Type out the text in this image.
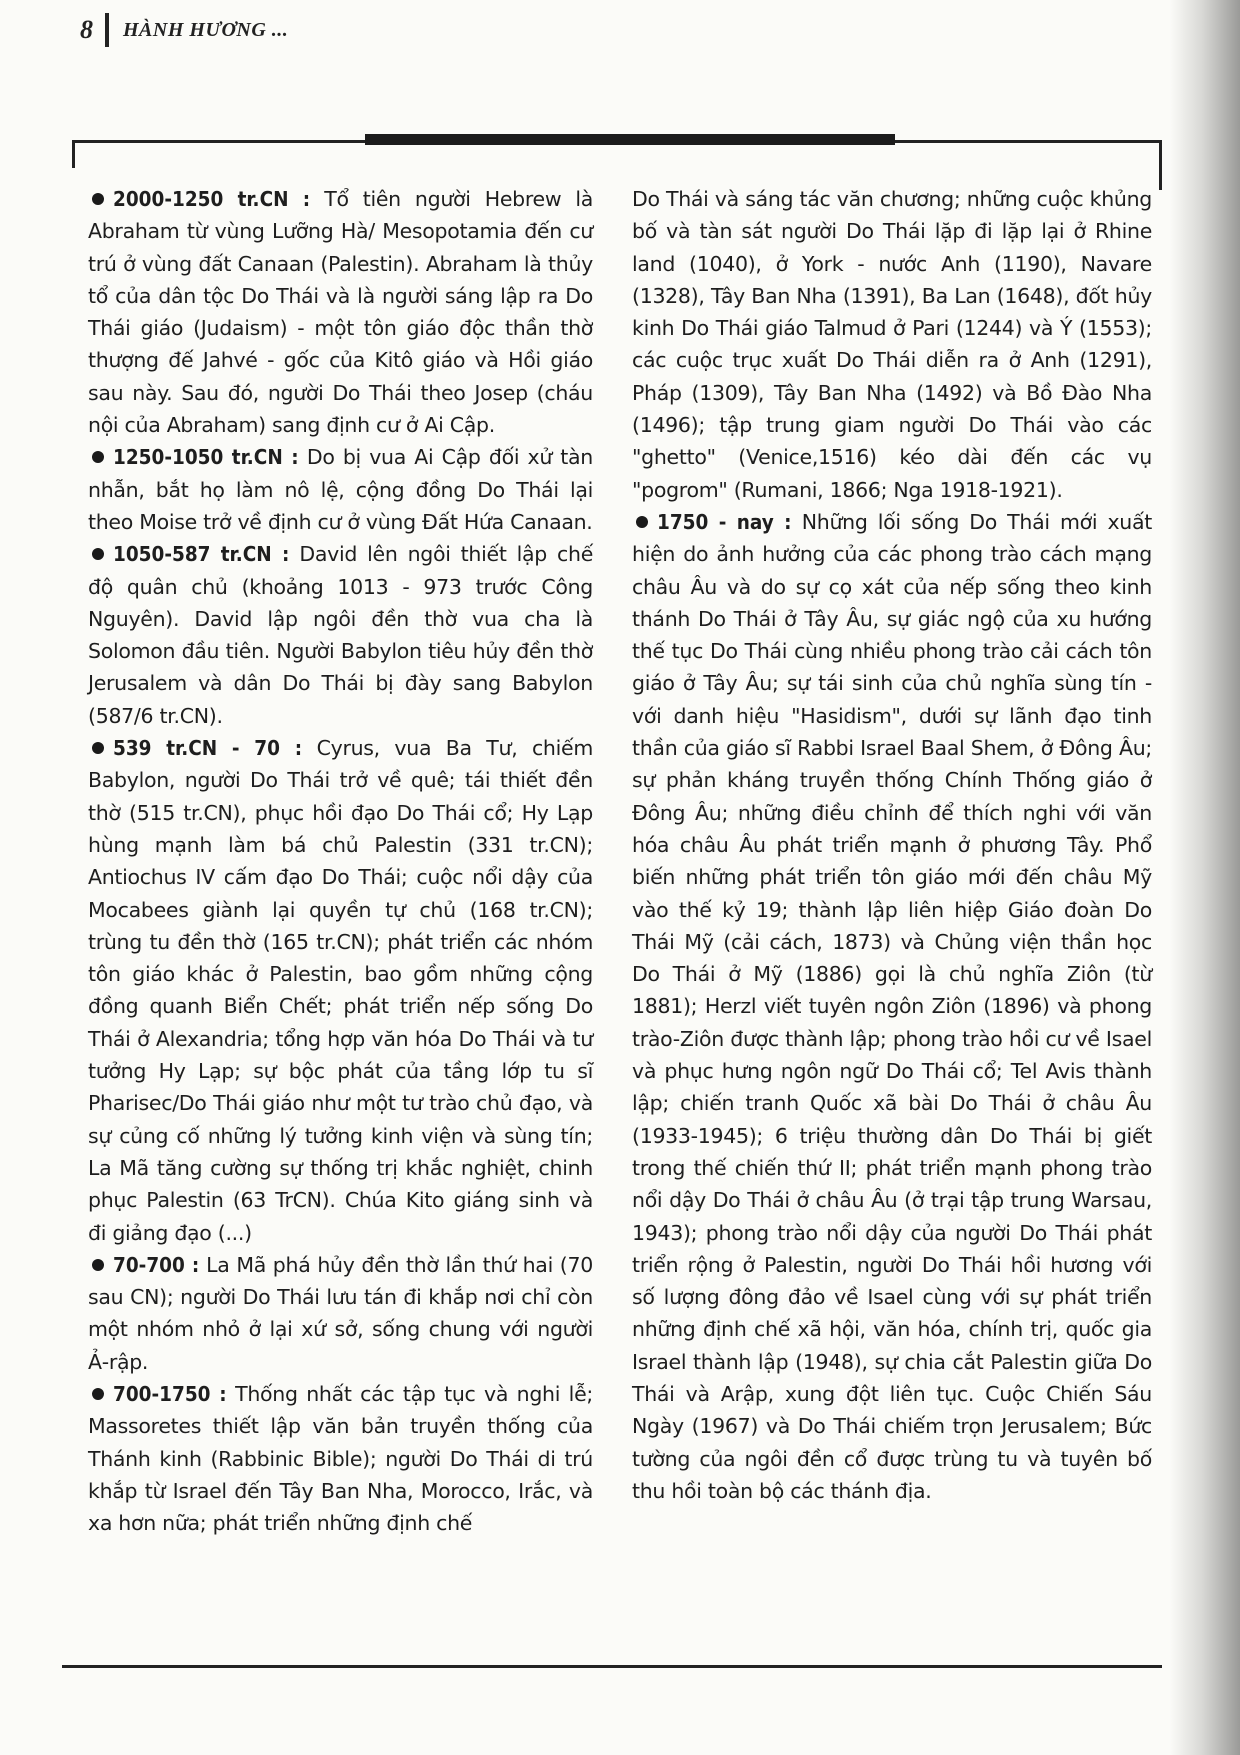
8 HÀNH HƯƠNG ...

2000-1250 tr.CN : Tổ tiên người Hebrew là Abraham từ vùng Lưỡng Hà/ Mesopotamia đến cư trú ở vùng đất Canaan (Palestin). Abraham là thủy tổ của dân tộc Do Thái và là người sáng lập ra Do Thái giáo (Judaism) - một tôn giáo độc thần thờ thượng đế Jahvé - gốc của Kitô giáo và Hồi giáo sau này. Sau đó, người Do Thái theo Josep (cháu nội của Abraham) sang định cư ở Ai Cập.

1250-1050 tr.CN : Do bị vua Ai Cập đối xử tàn nhẫn, bắt họ làm nô lệ, cộng đồng Do Thái lại theo Moise trở về định cư ở vùng Đất Hứa Canaan.

1050-587 tr.CN : David lên ngôi thiết lập chế độ quân chủ (khoảng 1013 - 973 trước Công Nguyên). David lập ngôi đền thờ vua cha là Solomon đầu tiên. Người Babylon tiêu hủy đền thờ Jerusalem và dân Do Thái bị đày sang Babylon (587/6 tr.CN).

539 tr.CN - 70 : Cyrus, vua Ba Tư, chiếm Babylon, người Do Thái trở về quê; tái thiết đền thờ (515 tr.CN), phục hồi đạo Do Thái cổ; Hy Lạp hùng mạnh làm bá chủ Palestin (331 tr.CN); Antiochus IV cấm đạo Do Thái; cuộc nổi dậy của Mocabees giành lại quyền tự chủ (168 tr.CN); trùng tu đền thờ (165 tr.CN); phát triển các nhóm tôn giáo khác ở Palestin, bao gồm những cộng đồng quanh Biển Chết; phát triển nếp sống Do Thái ở Alexandria; tổng hợp văn hóa Do Thái và tư tưởng Hy Lạp; sự bộc phát của tầng lớp tu sĩ Pharisec/Do Thái giáo như một tư trào chủ đạo, và sự củng cố những lý tưởng kinh viện và sùng tín; La Mã tăng cường sự thống trị khắc nghiệt, chinh phục Palestin (63 TrCN). Chúa Kito giáng sinh và đi giảng đạo (...)

70-700 : La Mã phá hủy đền thờ lần thứ hai (70 sau CN); người Do Thái lưu tán đi khắp nơi chỉ còn một nhóm nhỏ ở lại xứ sở, sống chung với người Ả-rập.

700-1750 : Thống nhất các tập tục và nghi lễ; Massoretes thiết lập văn bản truyền thống của Thánh kinh (Rabbinic Bible); người Do Thái di trú khắp từ Israel đến Tây Ban Nha, Morocco, Irắc, và xa hơn nữa; phát triển những định chế

Do Thái và sáng tác văn chương; những cuộc khủng bố và tàn sát người Do Thái lặp đi lặp lại ở Rhine land (1040), ở York - nước Anh (1190), Navare (1328), Tây Ban Nha (1391), Ba Lan (1648), đốt hủy kinh Do Thái giáo Talmud ở Pari (1244) và Ý (1553); các cuộc trục xuất Do Thái diễn ra ở Anh (1291), Pháp (1309), Tây Ban Nha (1492) và Bồ Đào Nha (1496); tập trung giam người Do Thái vào các "ghetto" (Venice,1516) kéo dài đến các vụ "pogrom" (Rumani, 1866; Nga 1918-1921).

1750 - nay : Những lối sống Do Thái mới xuất hiện do ảnh hưởng của các phong trào cách mạng châu Âu và do sự cọ xát của nếp sống theo kinh thánh Do Thái ở Tây Âu, sự giác ngộ của xu hướng thế tục Do Thái cùng nhiều phong trào cải cách tôn giáo ở Tây Âu; sự tái sinh của chủ nghĩa sùng tín - với danh hiệu "Hasidism", dưới sự lãnh đạo tinh thần của giáo sĩ Rabbi Israel Baal Shem, ở Đông Âu; sự phản kháng truyền thống Chính Thống giáo ở Đông Âu; những điều chỉnh để thích nghi với văn hóa châu Âu phát triển mạnh ở phương Tây. Phổ biến những phát triển tôn giáo mới đến châu Mỹ vào thế kỷ 19; thành lập liên hiệp Giáo đoàn Do Thái Mỹ (cải cách, 1873) và Chủng viện thần học Do Thái ở Mỹ (1886) gọi là chủ nghĩa Ziôn (từ 1881); Herzl viết tuyên ngôn Ziôn (1896) và phong trào-Ziôn được thành lập; phong trào hồi cư về Isael và phục hưng ngôn ngữ Do Thái cổ; Tel Avis thành lập; chiến tranh Quốc xã bài Do Thái ở châu Âu (1933-1945); 6 triệu thường dân Do Thái bị giết trong thế chiến thứ II; phát triển mạnh phong trào nổi dậy Do Thái ở châu Âu (ở trại tập trung Warsau, 1943); phong trào nổi dậy của người Do Thái phát triển rộng ở Palestin, người Do Thái hồi hương với số lượng đông đảo về Isael cùng với sự phát triển những định chế xã hội, văn hóa, chính trị, quốc gia Israel thành lập (1948), sự chia cắt Palestin giữa Do Thái và Arập, xung đột liên tục. Cuộc Chiến Sáu Ngày (1967) và Do Thái chiếm trọn Jerusalem; Bức tường của ngôi đền cổ được trùng tu và tuyên bố thu hồi toàn bộ các thánh địa.
